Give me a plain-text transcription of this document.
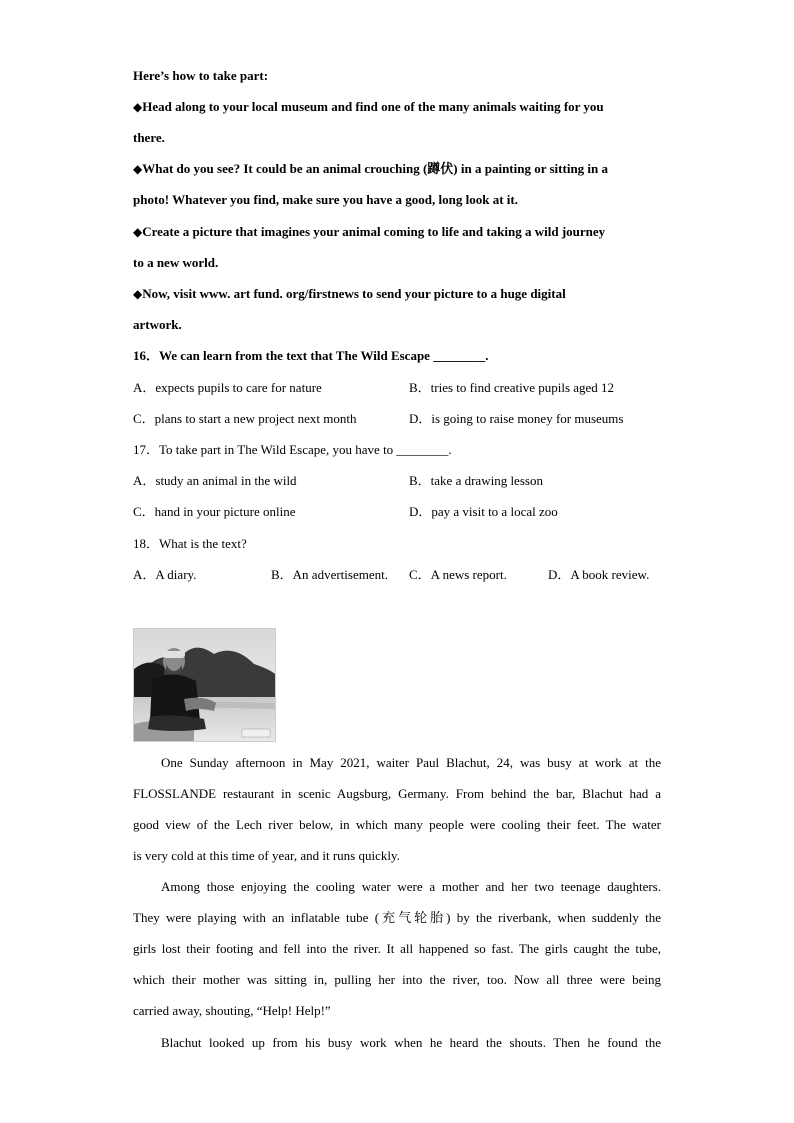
Here’s how to take part:
◆Head along to your local museum and find one of the many animals waiting for you
there.
◆What do you see? It could be an animal crouching (蹲伏) in a painting or sitting in a
photo! Whatever you find, make sure you have a good, long look at it.
◆Create a picture that imagines your animal coming to life and taking a wild journey
to a new world.
◆Now, visit www. art fund. org/firstnews to send your picture to a huge digital
artwork.
16．We can learn from the text that The Wild Escape ________.
A．expects pupils to care for nature	B．tries to find creative pupils aged 12
C．plans to start a new project next month	D．is going to raise money for museums
17．To take part in The Wild Escape, you have to ________.
A．study an animal in the wild	B．take a drawing lesson
C．hand in your picture online	D．pay a visit to a local zoo
18．What is the text?
A．A diary.	B．An advertisement. C．A news report.	D．A book review.
One Sunday afternoon in May 2021, waiter Paul Blachut, 24, was busy at work at the
FLOSSLANDE restaurant in scenic Augsburg, Germany. From behind the bar, Blachut had a
good view of the Lech river below, in which many people were cooling their feet. The water
is very cold at this time of year, and it runs quickly.
Among those enjoying the cooling water were a mother and her two teenage daughters.
They were playing with an inflatable tube (充气轮胎) by the riverbank, when suddenly the
girls lost their footing and fell into the river. It all happened so fast. The girls caught the tube,
which their mother was sitting in, pulling her into the river, too. Now all three were being
carried away, shouting, “Help! Help!”
Blachut looked up from his busy work when he heard the shouts. Then he found the
